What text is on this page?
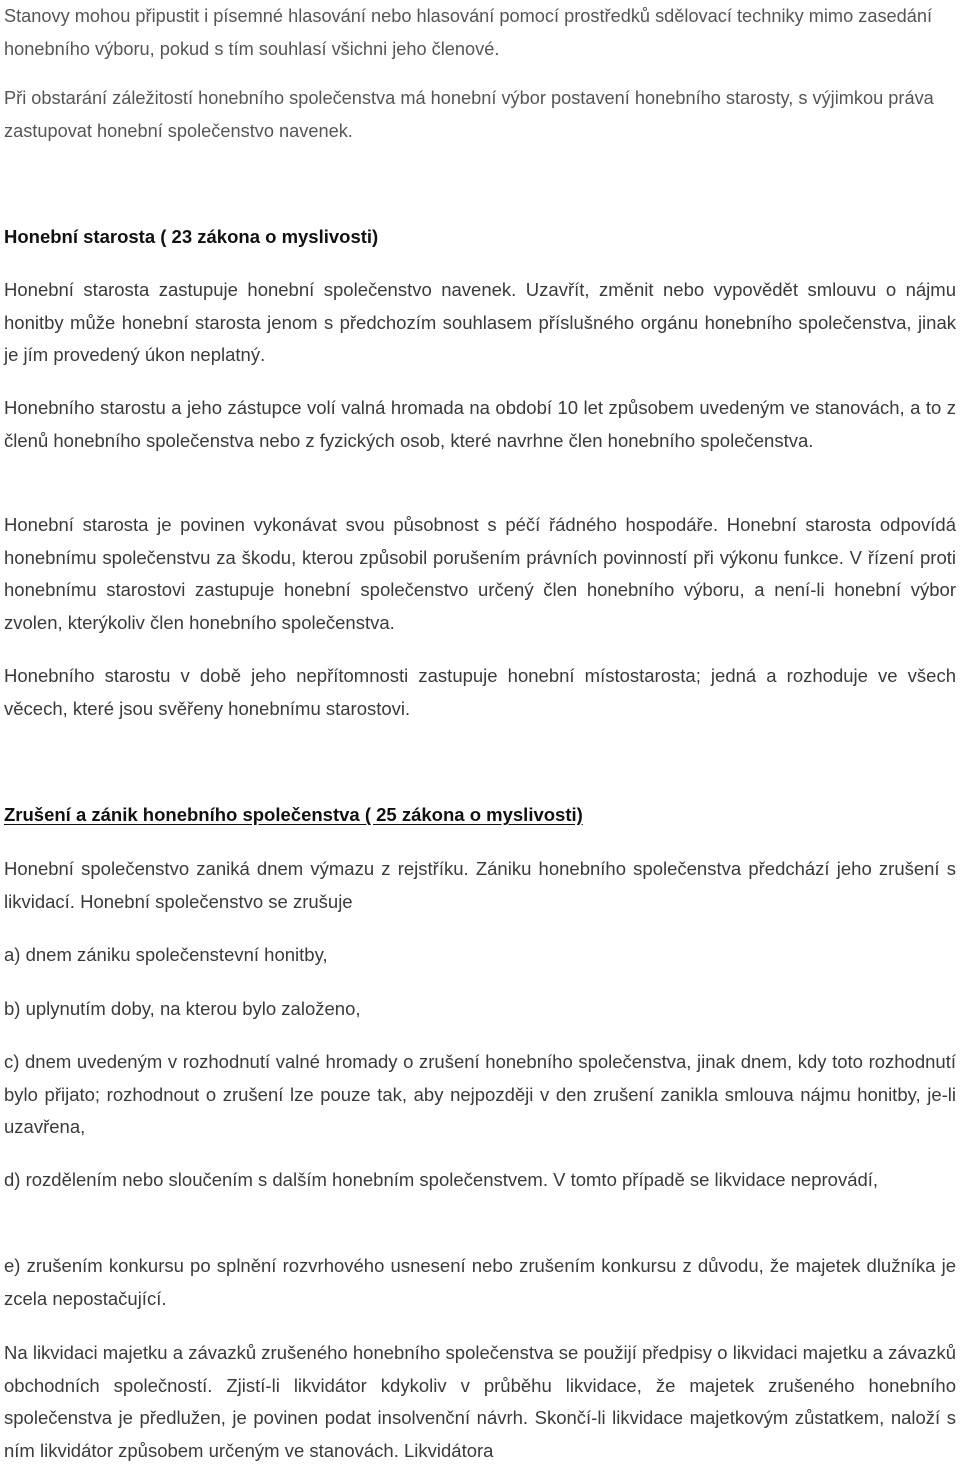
Stanovy mohou připustit i písemné hlasování nebo hlasování pomocí prostředků sdělovací techniky mimo zasedání honebního výboru, pokud s tím souhlasí všichni jeho členové.

Při obstarání záležitostí honebního společenstva má honební výbor postavení honebního starosty, s výjimkou práva zastupovat honební společenstvo navenek.

Honební starosta ( 23 zákona o myslivosti)

Honební starosta zastupuje honební společenstvo navenek. Uzavřít, změnit nebo vypovědět smlouvu o nájmu honitby může honební starosta jenom s předchozím souhlasem příslušného orgánu honebního společenstva, jinak je jím provedený úkon neplatný.

Honebního starostu a jeho zástupce volí valná hromada na období 10 let způsobem uvedeným ve stanovách, a to z členů honebního společenstva nebo z fyzických osob, které navrhne člen honebního společenstva.

Honební starosta je povinen vykonávat svou působnost s péčí řádného hospodáře. Honební starosta odpovídá honebnímu společenstvu za škodu, kterou způsobil porušením právních povinností při výkonu funkce. V řízení proti honebnímu starostovi zastupuje honební společenstvo určený člen honebního výboru, a není-li honební výbor zvolen, kterýkoliv člen honebního společenstva.

Honebního starostu v době jeho nepřítomnosti zastupuje honební místostarosta; jedná a rozhoduje ve všech věcech, které jsou svěřeny honebnímu starostovi.

Zrušení a zánik honebního společenstva ( 25 zákona o myslivosti)

Honební společenstvo zaniká dnem výmazu z rejstříku. Zániku honebního společenstva předchází jeho zrušení s likvidací. Honební společenstvo se zrušuje

a) dnem zániku společenstevní honitby,

b) uplynutím doby, na kterou bylo založeno,

c) dnem uvedeným v rozhodnutí valné hromady o zrušení honebního společenstva, jinak dnem, kdy toto rozhodnutí bylo přijato; rozhodnout o zrušení lze pouze tak, aby nejpozději v den zrušení zanikla smlouva nájmu honitby, je-li uzavřena,

d) rozdělením nebo sloučením s dalším honebním společenstvem. V tomto případě se likvidace neprovádí,

e) zrušením konkursu po splnění rozvrhového usnesení nebo zrušením konkursu z důvodu, že majetek dlužníka je zcela nepostačující.

Na likvidaci majetku a závazků zrušeného honebního společenstva se použijí předpisy o likvidaci majetku a závazků obchodních společností. Zjistí-li likvidátor kdykoliv v průběhu likvidace, že majetek zrušeného honebního společenstva je předlužen, je povinen podat insolvenční návrh. Skončí-li likvidace majetkovým zůstatkem, naloží s ním likvidátor způsobem určeným ve stanovách. Likvidátora
